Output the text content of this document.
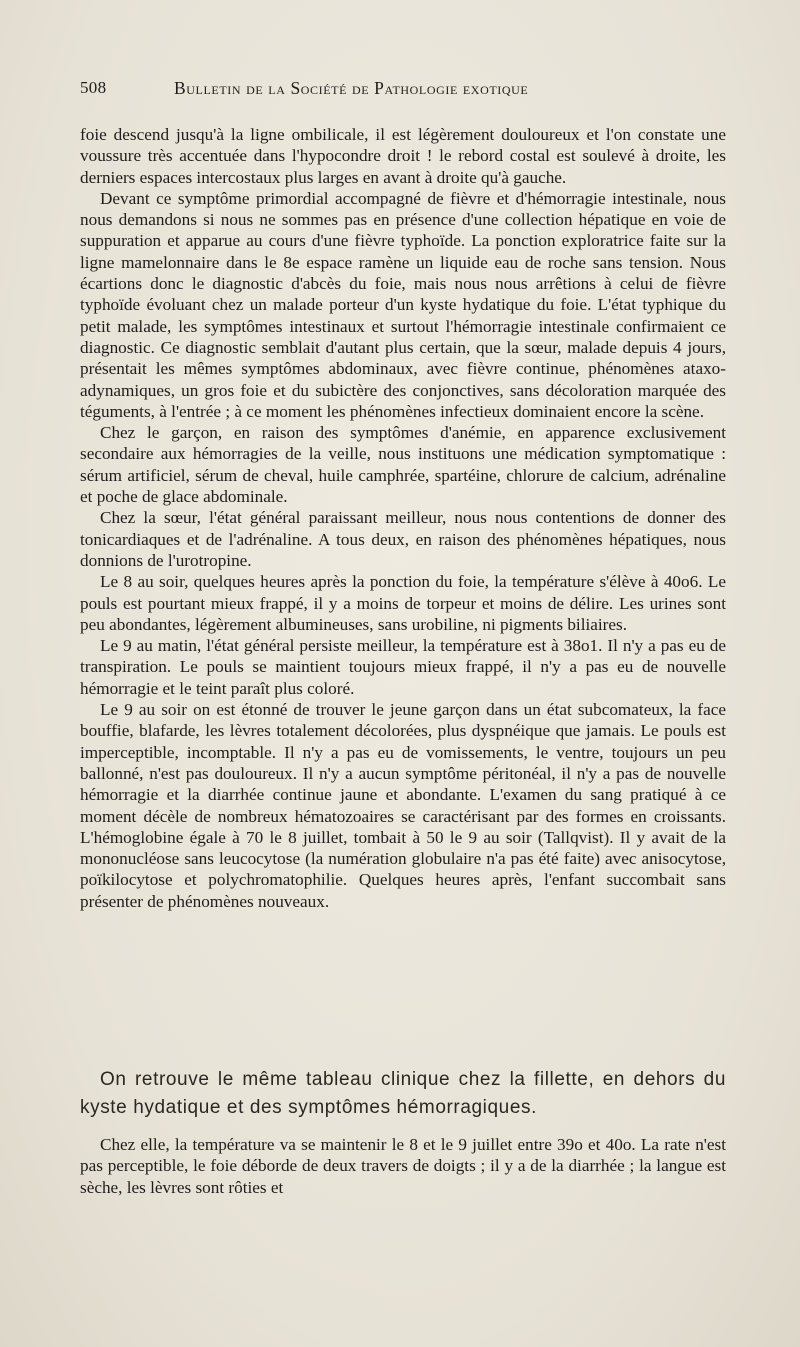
508	Bulletin de la Société de Pathologie exotique

foie descend jusqu'à la ligne ombilicale, il est légèrement douloureux et l'on constate une voussure très accentuée dans l'hypocondre droit ! le rebord costal est soulevé à droite, les derniers espaces intercostaux plus larges en avant à droite qu'à gauche.

Devant ce symptôme primordial accompagné de fièvre et d'hémorragie intestinale, nous nous demandons si nous ne sommes pas en présence d'une collection hépatique en voie de suppuration et apparue au cours d'une fièvre typhoïde. La ponction exploratrice faite sur la ligne mamelonnaire dans le 8e espace ramène un liquide eau de roche sans tension. Nous écartions donc le diagnostic d'abcès du foie, mais nous nous arrêtions à celui de fièvre typhoïde évoluant chez un malade porteur d'un kyste hydatique du foie. L'état typhique du petit malade, les symptômes intestinaux et surtout l'hémorragie intestinale confirmaient ce diagnostic. Ce diagnostic semblait d'autant plus certain, que la sœur, malade depuis 4 jours, présentait les mêmes symptômes abdominaux, avec fièvre continue, phénomènes ataxo-adynamiques, un gros foie et du subictère des conjonctives, sans décoloration marquée des téguments, à l'entrée ; à ce moment les phénomènes infectieux dominaient encore la scène.

Chez le garçon, en raison des symptômes d'anémie, en apparence exclusivement secondaire aux hémorragies de la veille, nous instituons une médication symptomatique : sérum artificiel, sérum de cheval, huile camphrée, spartéine, chlorure de calcium, adrénaline et poche de glace abdominale.

Chez la sœur, l'état général paraissant meilleur, nous nous contentions de donner des tonicardiaques et de l'adrénaline. A tous deux, en raison des phénomènes hépatiques, nous donnions de l'urotropine.

Le 8 au soir, quelques heures après la ponction du foie, la température s'élève à 40o6. Le pouls est pourtant mieux frappé, il y a moins de torpeur et moins de délire. Les urines sont peu abondantes, légèrement albumineuses, sans urobiline, ni pigments biliaires.

Le 9 au matin, l'état général persiste meilleur, la température est à 38o1. Il n'y a pas eu de transpiration. Le pouls se maintient toujours mieux frappé, il n'y a pas eu de nouvelle hémorragie et le teint paraît plus coloré.

Le 9 au soir on est étonné de trouver le jeune garçon dans un état subcomateux, la face bouffie, blafarde, les lèvres totalement décolorées, plus dyspnéique que jamais. Le pouls est imperceptible, incomptable. Il n'y a pas eu de vomissements, le ventre, toujours un peu ballonné, n'est pas douloureux. Il n'y a aucun symptôme péritonéal, il n'y a pas de nouvelle hémorragie et la diarrhée continue jaune et abondante. L'examen du sang pratiqué à ce moment décèle de nombreux hématozoaires se caractérisant par des formes en croissants. L'hémoglobine égale à 70 le 8 juillet, tombait à 50 le 9 au soir (Tallqvist). Il y avait de la mononucléose sans leucocytose (la numération globulaire n'a pas été faite) avec anisocytose, poïkilocytose et polychromatophilie. Quelques heures après, l'enfant succombait sans présenter de phénomènes nouveaux.

On retrouve le même tableau clinique chez la fillette, en dehors du kyste hydatique et des symptômes hémorragiques.

Chez elle, la température va se maintenir le 8 et le 9 juillet entre 39o et 40o. La rate n'est pas perceptible, le foie déborde de deux travers de doigts ; il y a de la diarrhée ; la langue est sèche, les lèvres sont rôties et
